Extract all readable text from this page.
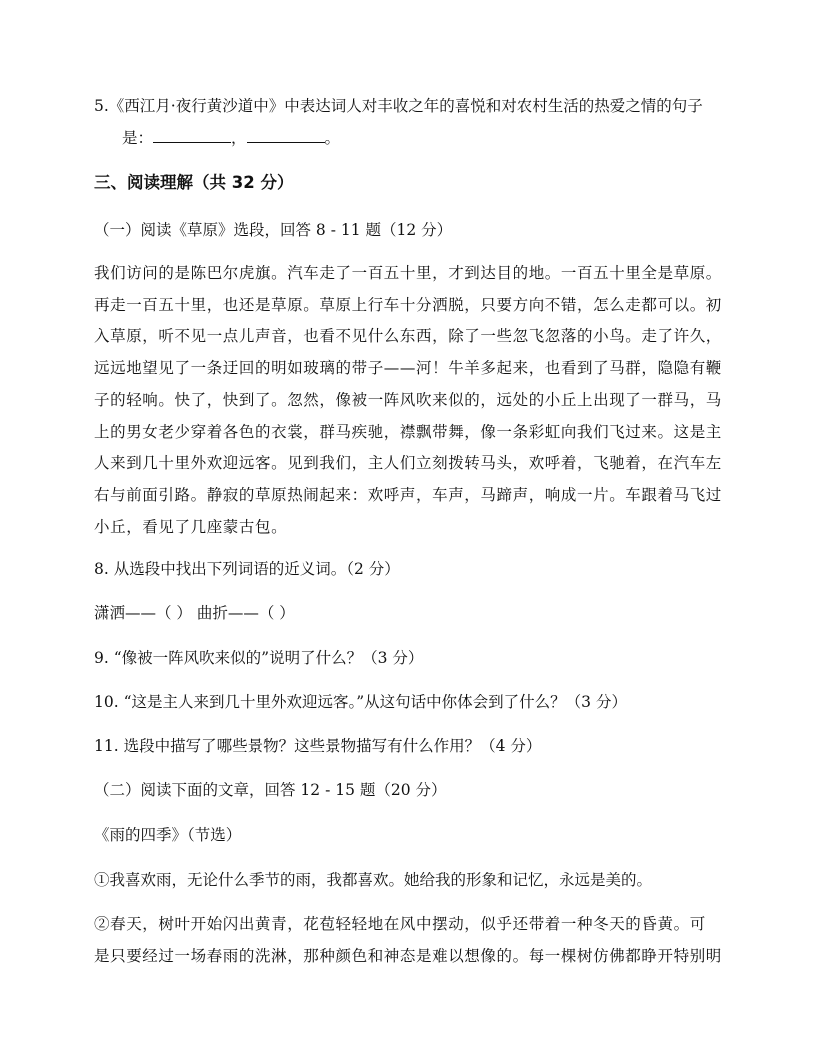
5.《西江月·夜行黄沙道中》中表达词人对丰收之年的喜悦和对农村生活的热爱之情的句子
是：	，	。
三、阅读理解（共 32 分）
（一）阅读《草原》选段，回答 8 - 11 题（12 分）

我们访问的是陈巴尔虎旗。汽车走了一百五十里，才到达目的地。一百五十里全是草原。

再走一百五十里，也还是草原。草原上行车十分洒脱，只要方向不错，怎么走都可以。初

入草原，听不见一点儿声音，也看不见什么东西，除了一些忽飞忽落的小鸟。走了许久，

远远地望见了一条迂回的明如玻璃的带子——河！牛羊多起来，也看到了马群，隐隐有鞭

子的轻响。快了，快到了。忽然，像被一阵风吹来似的，远处的小丘上出现了一群马，马

上的男女老少穿着各色的衣裳，群马疾驰，襟飘带舞，像一条彩虹向我们飞过来。这是主

人来到几十里外欢迎远客。见到我们，主人们立刻拨转马头，欢呼着，飞驰着，在汽车左

右与前面引路。静寂的草原热闹起来：欢呼声，车声，马蹄声，响成一片。车跟着马飞过

小丘，看见了几座蒙古包。

8. 从选段中找出下列词语的近义词。（2 分）
潇洒——（ ） 曲折——（ ）
9. “像被一阵风吹来似的”说明了什么？（3 分）
10. “这是主人来到几十里外欢迎远客。”从这句话中你体会到了什么？（3 分）
11. 选段中描写了哪些景物？这些景物描写有什么作用？（4 分）
（二）阅读下面的文章，回答 12 - 15 题（20 分）
《雨的四季》（节选）
①我喜欢雨，无论什么季节的雨，我都喜欢。她给我的形象和记忆，永远是美的。

②春天，树叶开始闪出黄青，花苞轻轻地在风中摆动，似乎还带着一种冬天的昏黄。可

是只要经过一场春雨的洗淋，那种颜色和神态是难以想像的。每一棵树仿佛都睁开特别明
